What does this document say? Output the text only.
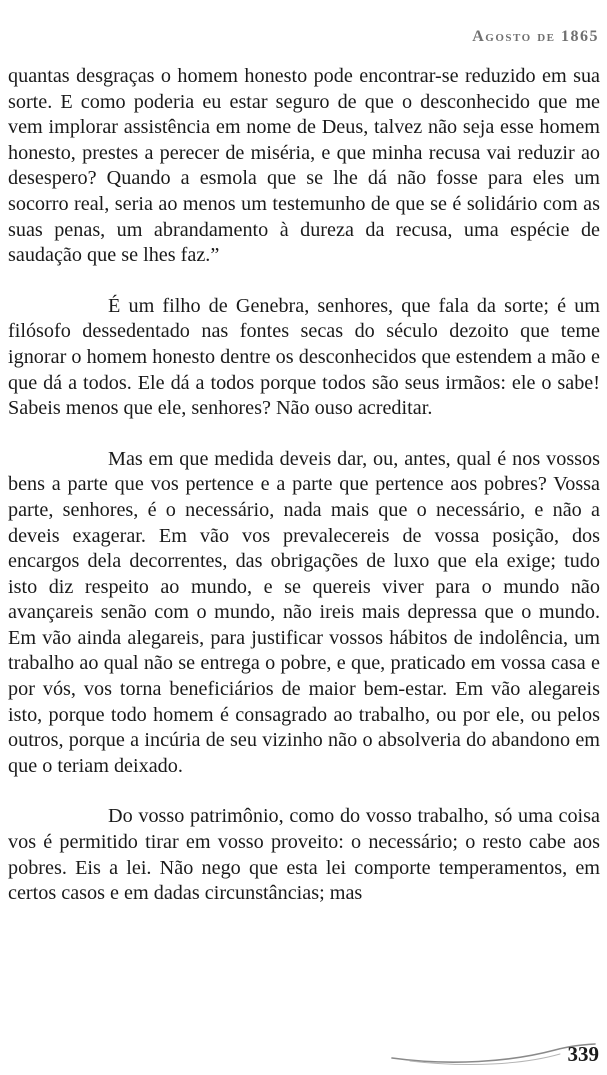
Agosto de 1865

quantas desgraças o homem honesto pode encontrar-se reduzido em sua sorte. E como poderia eu estar seguro de que o desconhecido que me vem implorar assistência em nome de Deus, talvez não seja esse homem honesto, prestes a perecer de miséria, e que minha recusa vai reduzir ao desespero? Quando a esmola que se lhe dá não fosse para eles um socorro real, seria ao menos um testemunho de que se é solidário com as suas penas, um abrandamento à dureza da recusa, uma espécie de saudação que se lhes faz.”

É um filho de Genebra, senhores, que fala da sorte; é um filósofo dessedentado nas fontes secas do século dezoito que teme ignorar o homem honesto dentre os desconhecidos que estendem a mão e que dá a todos. Ele dá a todos porque todos são seus irmãos: ele o sabe! Sabeis menos que ele, senhores? Não ouso acreditar.

Mas em que medida deveis dar, ou, antes, qual é nos vossos bens a parte que vos pertence e a parte que pertence aos pobres? Vossa parte, senhores, é o necessário, nada mais que o necessário, e não a deveis exagerar. Em vão vos prevalecereis de vossa posição, dos encargos dela decorrentes, das obrigações de luxo que ela exige; tudo isto diz respeito ao mundo, e se quereis viver para o mundo não avançareis senão com o mundo, não ireis mais depressa que o mundo. Em vão ainda alegareis, para justificar vossos hábitos de indolência, um trabalho ao qual não se entrega o pobre, e que, praticado em vossa casa e por vós, vos torna beneficiários de maior bem-estar. Em vão alegareis isto, porque todo homem é consagrado ao trabalho, ou por ele, ou pelos outros, porque a incúria de seu vizinho não o absolveria do abandono em que o teriam deixado.

Do vosso patrimônio, como do vosso trabalho, só uma coisa vos é permitido tirar em vosso proveito: o necessário; o resto cabe aos pobres. Eis a lei. Não nego que esta lei comporte temperamentos, em certos casos e em dadas circunstâncias; mas

339
